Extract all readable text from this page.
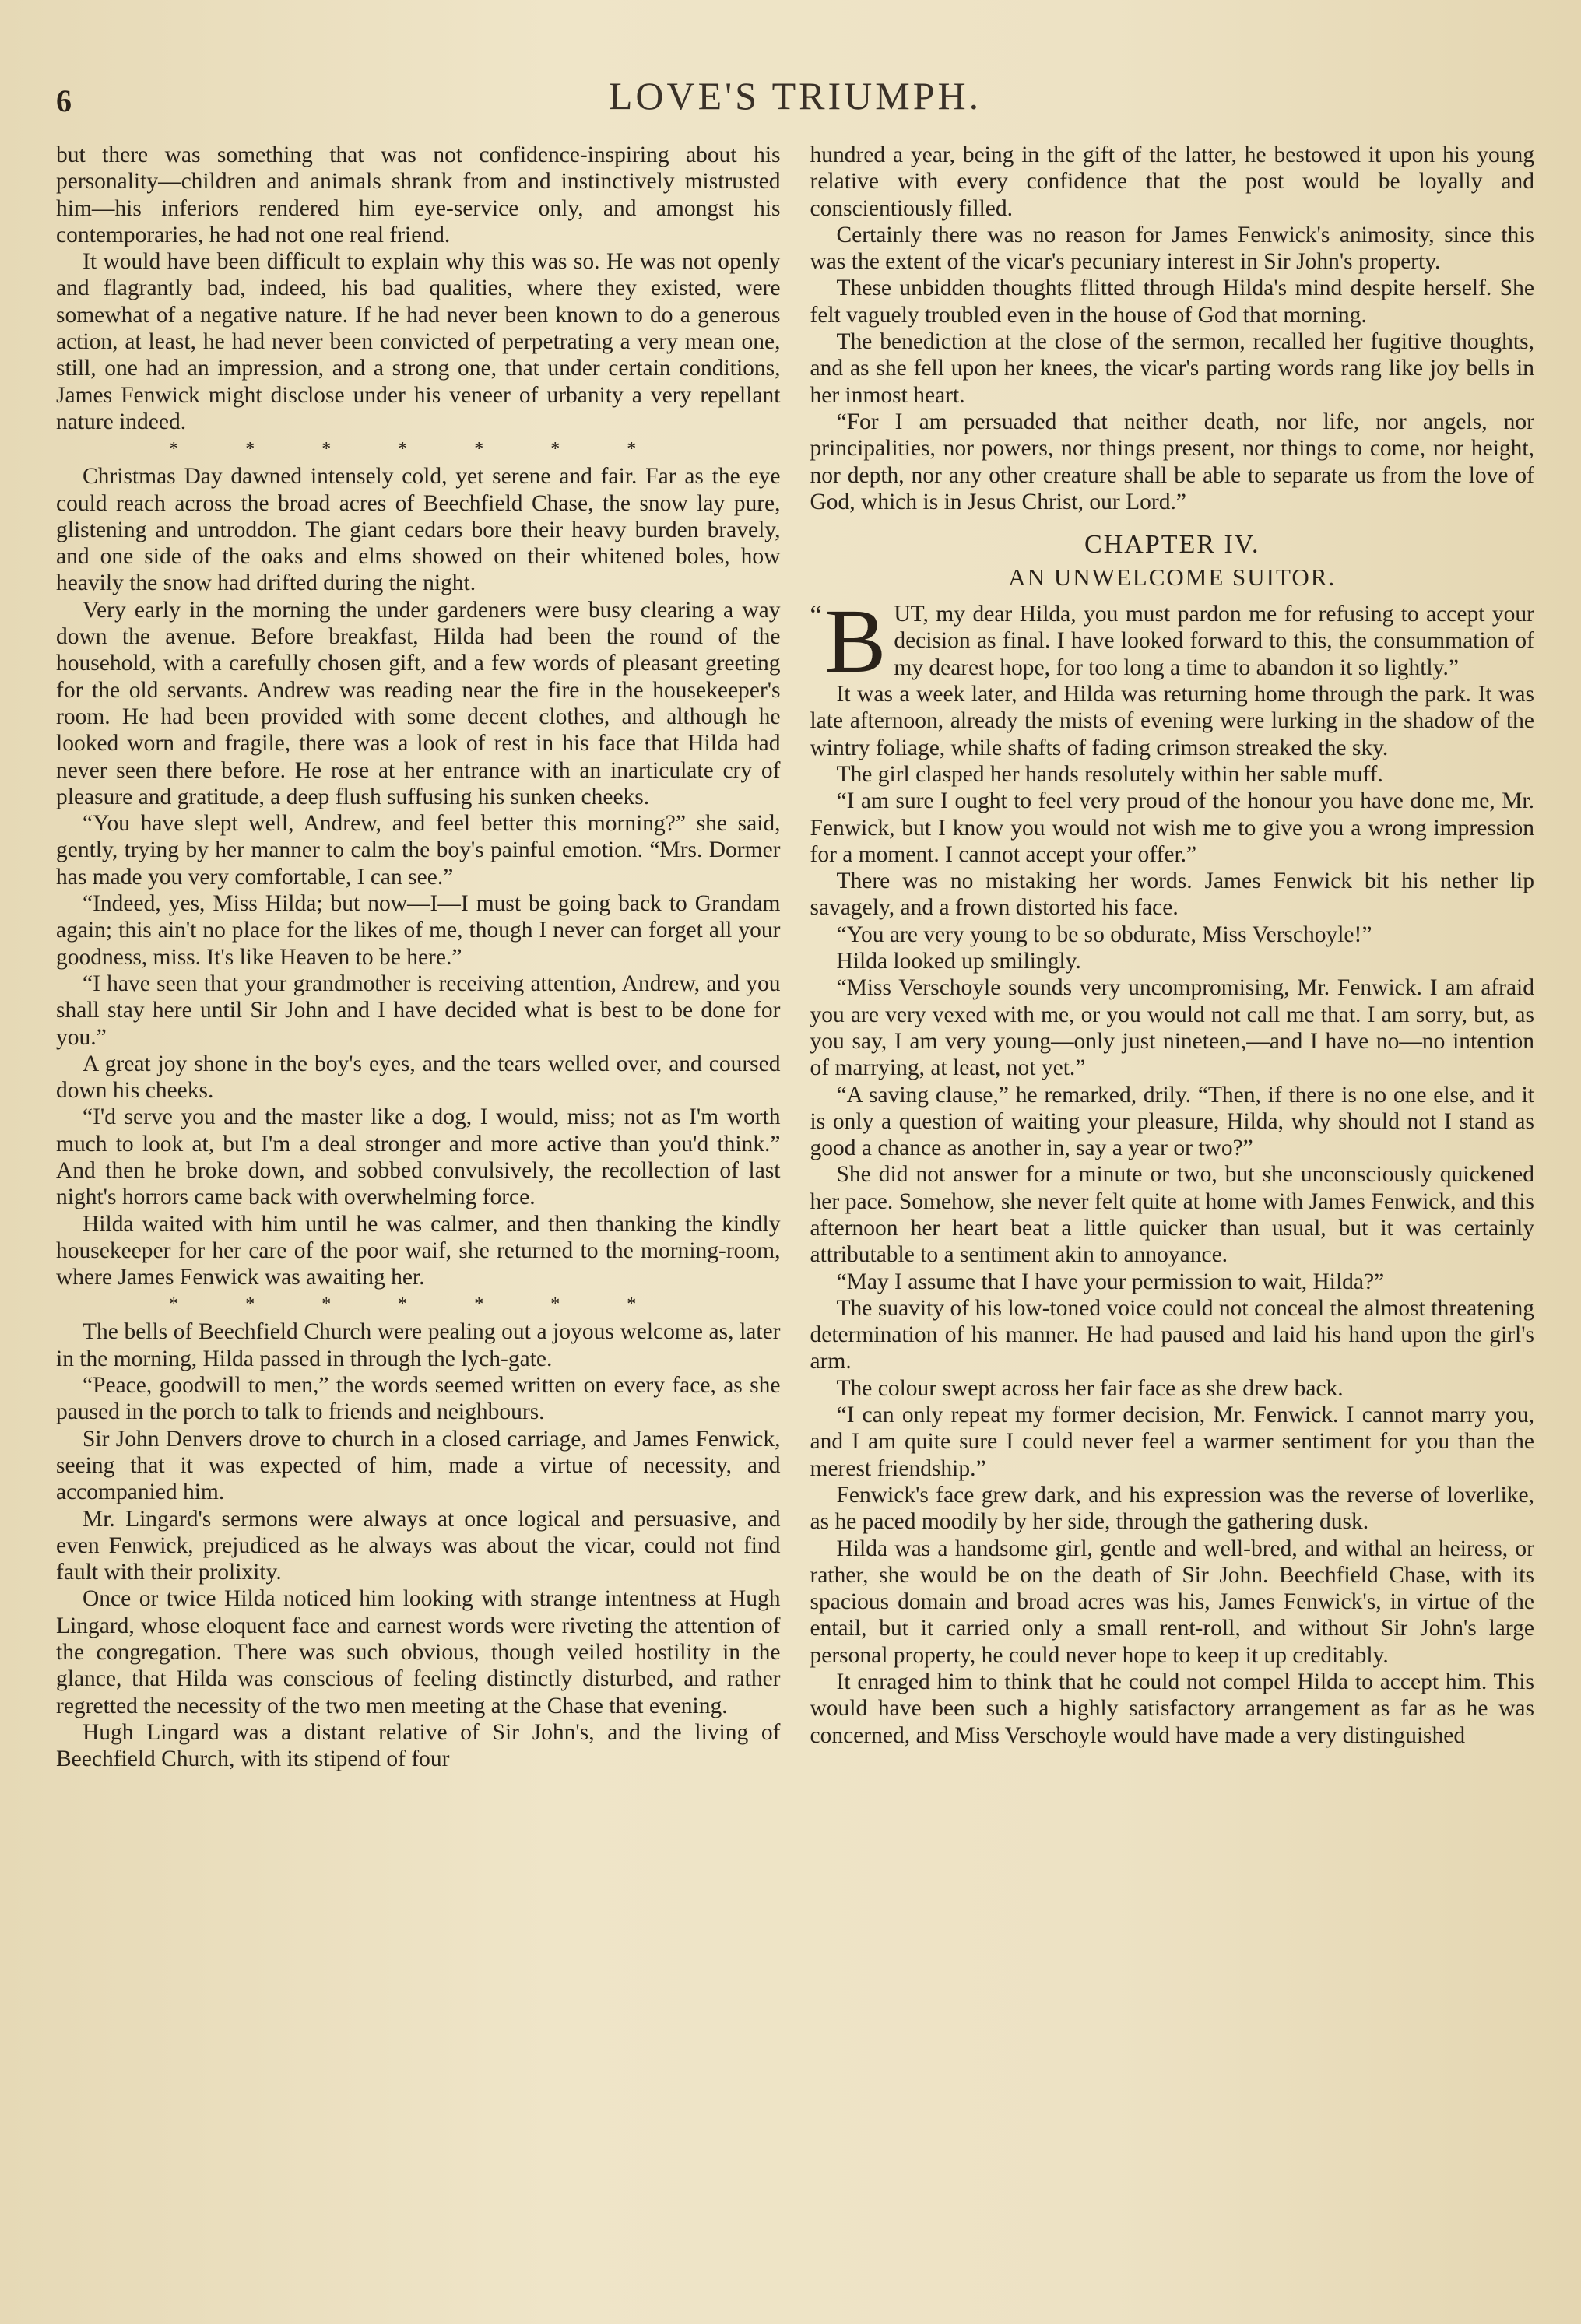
6	LOVE'S TRIUMPH.

but there was something that was not confidence-inspiring about his personality—children and animals shrank from and instinctively mistrusted him—his inferiors rendered him eye-service only, and amongst his contemporaries, he had not one real friend.

It would have been difficult to explain why this was so. He was not openly and flagrantly bad, indeed, his bad qualities, where they existed, were somewhat of a negative nature. If he had never been known to do a generous action, at least, he had never been convicted of perpetrating a very mean one, still, one had an impression, and a strong one, that under certain conditions, James Fenwick might disclose under his veneer of urbanity a very repellant nature indeed.

* * * * * * *

Christmas Day dawned intensely cold, yet serene and fair. Far as the eye could reach across the broad acres of Beechfield Chase, the snow lay pure, glistening and untroddon. The giant cedars bore their heavy burden bravely, and one side of the oaks and elms showed on their whitened boles, how heavily the snow had drifted during the night.

Very early in the morning the under gardeners were busy clearing a way down the avenue. Before breakfast, Hilda had been the round of the household, with a carefully chosen gift, and a few words of pleasant greeting for the old servants. Andrew was reading near the fire in the housekeeper's room. He had been provided with some decent clothes, and although he looked worn and fragile, there was a look of rest in his face that Hilda had never seen there before. He rose at her entrance with an inarticulate cry of pleasure and gratitude, a deep flush suffusing his sunken cheeks.

“You have slept well, Andrew, and feel better this morning?” she said, gently, trying by her manner to calm the boy's painful emotion. “Mrs. Dormer has made you very comfortable, I can see.”

“Indeed, yes, Miss Hilda; but now—I—I must be going back to Grandam again; this ain't no place for the likes of me, though I never can forget all your goodness, miss. It's like Heaven to be here.”

“I have seen that your grandmother is receiving attention, Andrew, and you shall stay here until Sir John and I have decided what is best to be done for you.”

A great joy shone in the boy's eyes, and the tears welled over, and coursed down his cheeks.

“I'd serve you and the master like a dog, I would, miss; not as I'm worth much to look at, but I'm a deal stronger and more active than you'd think.” And then he broke down, and sobbed convulsively, the recollection of last night's horrors came back with overwhelming force.

Hilda waited with him until he was calmer, and then thanking the kindly housekeeper for her care of the poor waif, she returned to the morning-room, where James Fenwick was awaiting her.

* * * * * * *

The bells of Beechfield Church were pealing out a joyous welcome as, later in the morning, Hilda passed in through the lych-gate.

“Peace, goodwill to men,” the words seemed written on every face, as she paused in the porch to talk to friends and neighbours.

Sir John Denvers drove to church in a closed carriage, and James Fenwick, seeing that it was expected of him, made a virtue of necessity, and accompanied him.

Mr. Lingard's sermons were always at once logical and persuasive, and even Fenwick, prejudiced as he always was about the vicar, could not find fault with their prolixity.

Once or twice Hilda noticed him looking with strange intentness at Hugh Lingard, whose eloquent face and earnest words were riveting the attention of the congregation. There was such obvious, though veiled hostility in the glance, that Hilda was conscious of feeling distinctly disturbed, and rather regretted the necessity of the two men meeting at the Chase that evening.

Hugh Lingard was a distant relative of Sir John's, and the living of Beechfield Church, with its stipend of four

hundred a year, being in the gift of the latter, he bestowed it upon his young relative with every confidence that the post would be loyally and conscientiously filled.

Certainly there was no reason for James Fenwick's animosity, since this was the extent of the vicar's pecuniary interest in Sir John's property.

These unbidden thoughts flitted through Hilda's mind despite herself. She felt vaguely troubled even in the house of God that morning.

The benediction at the close of the sermon, recalled her fugitive thoughts, and as she fell upon her knees, the vicar's parting words rang like joy bells in her inmost heart.

“For I am persuaded that neither death, nor life, nor angels, nor principalities, nor powers, nor things present, nor things to come, nor height, nor depth, nor any other creature shall be able to separate us from the love of God, which is in Jesus Christ, our Lord.”

CHAPTER IV.
AN UNWELCOME SUITOR.
“ B UT, my dear Hilda, you must pardon me for refusing to accept your decision as final. I have looked forward to this, the consummation of my dearest hope, for too long a time to abandon it so lightly.”

It was a week later, and Hilda was returning home through the park. It was late afternoon, already the mists of evening were lurking in the shadow of the wintry foliage, while shafts of fading crimson streaked the sky.

The girl clasped her hands resolutely within her sable muff.

“I am sure I ought to feel very proud of the honour you have done me, Mr. Fenwick, but I know you would not wish me to give you a wrong impression for a moment. I cannot accept your offer.”

There was no mistaking her words. James Fenwick bit his nether lip savagely, and a frown distorted his face.

“You are very young to be so obdurate, Miss Verschoyle!”

Hilda looked up smilingly.

“Miss Verschoyle sounds very uncompromising, Mr. Fenwick. I am afraid you are very vexed with me, or you would not call me that. I am sorry, but, as you say, I am very young—only just nineteen,—and I have no—no intention of marrying, at least, not yet.”

“A saving clause,” he remarked, drily. “Then, if there is no one else, and it is only a question of waiting your pleasure, Hilda, why should not I stand as good a chance as another in, say a year or two?”

She did not answer for a minute or two, but she unconsciously quickened her pace. Somehow, she never felt quite at home with James Fenwick, and this afternoon her heart beat a little quicker than usual, but it was certainly attributable to a sentiment akin to annoyance.

“May I assume that I have your permission to wait, Hilda?”

The suavity of his low-toned voice could not conceal the almost threatening determination of his manner. He had paused and laid his hand upon the girl's arm.

The colour swept across her fair face as she drew back.

“I can only repeat my former decision, Mr. Fenwick. I cannot marry you, and I am quite sure I could never feel a warmer sentiment for you than the merest friendship.”

Fenwick's face grew dark, and his expression was the reverse of loverlike, as he paced moodily by her side, through the gathering dusk.

Hilda was a handsome girl, gentle and well-bred, and withal an heiress, or rather, she would be on the death of Sir John. Beechfield Chase, with its spacious domain and broad acres was his, James Fenwick's, in virtue of the entail, but it carried only a small rent-roll, and without Sir John's large personal property, he could never hope to keep it up creditably.

It enraged him to think that he could not compel Hilda to accept him. This would have been such a highly satisfactory arrangement as far as he was concerned, and Miss Verschoyle would have made a very distinguished
